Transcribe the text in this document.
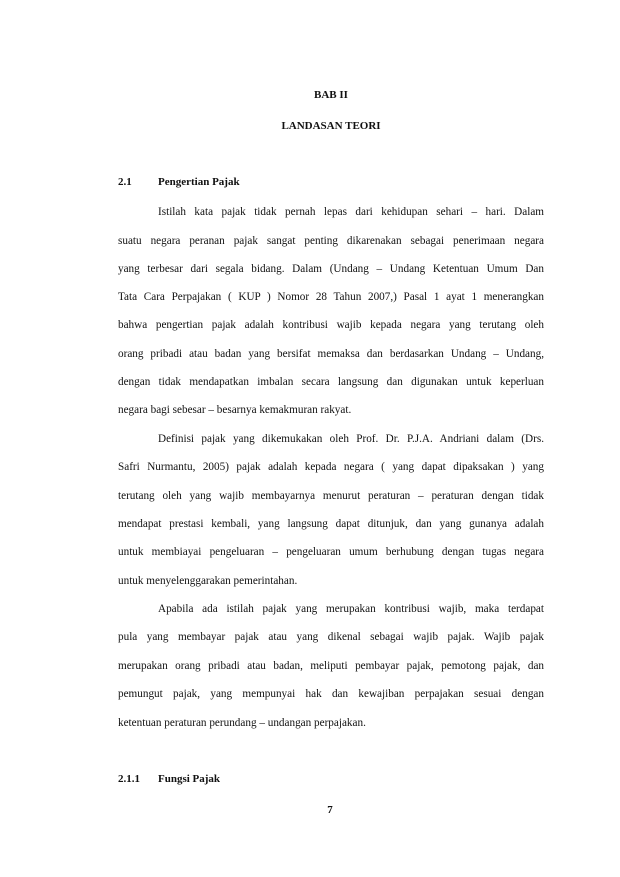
BAB II
LANDASAN TEORI
2.1 Pengertian Pajak
Istilah kata pajak tidak pernah lepas dari kehidupan sehari – hari. Dalam
suatu negara peranan pajak sangat penting dikarenakan sebagai penerimaan negara
yang terbesar dari segala bidang. Dalam (Undang – Undang Ketentuan Umum Dan
Tata Cara Perpajakan ( KUP ) Nomor 28 Tahun 2007,) Pasal 1 ayat 1 menerangkan
bahwa pengertian pajak adalah kontribusi wajib kepada negara yang terutang oleh
orang pribadi atau badan yang bersifat memaksa dan berdasarkan Undang – Undang,
dengan tidak mendapatkan imbalan secara langsung dan digunakan untuk keperluan
negara bagi sebesar – besarnya kemakmuran rakyat.
Definisi pajak yang dikemukakan oleh Prof. Dr. P.J.A. Andriani dalam (Drs.
Safri Nurmantu, 2005) pajak adalah kepada negara ( yang dapat dipaksakan ) yang
terutang oleh yang wajib membayarnya menurut peraturan – peraturan dengan tidak
mendapat prestasi kembali, yang langsung dapat ditunjuk, dan yang gunanya adalah
untuk membiayai pengeluaran – pengeluaran umum berhubung dengan tugas negara
untuk menyelenggarakan pemerintahan.
Apabila ada istilah pajak yang merupakan kontribusi wajib, maka terdapat
pula yang membayar pajak atau yang dikenal sebagai wajib pajak. Wajib pajak
merupakan orang pribadi atau badan, meliputi pembayar pajak, pemotong pajak, dan
pemungut pajak, yang mempunyai hak dan kewajiban perpajakan sesuai dengan
ketentuan peraturan perundang – undangan perpajakan.
2.1.1 Fungsi Pajak
7
